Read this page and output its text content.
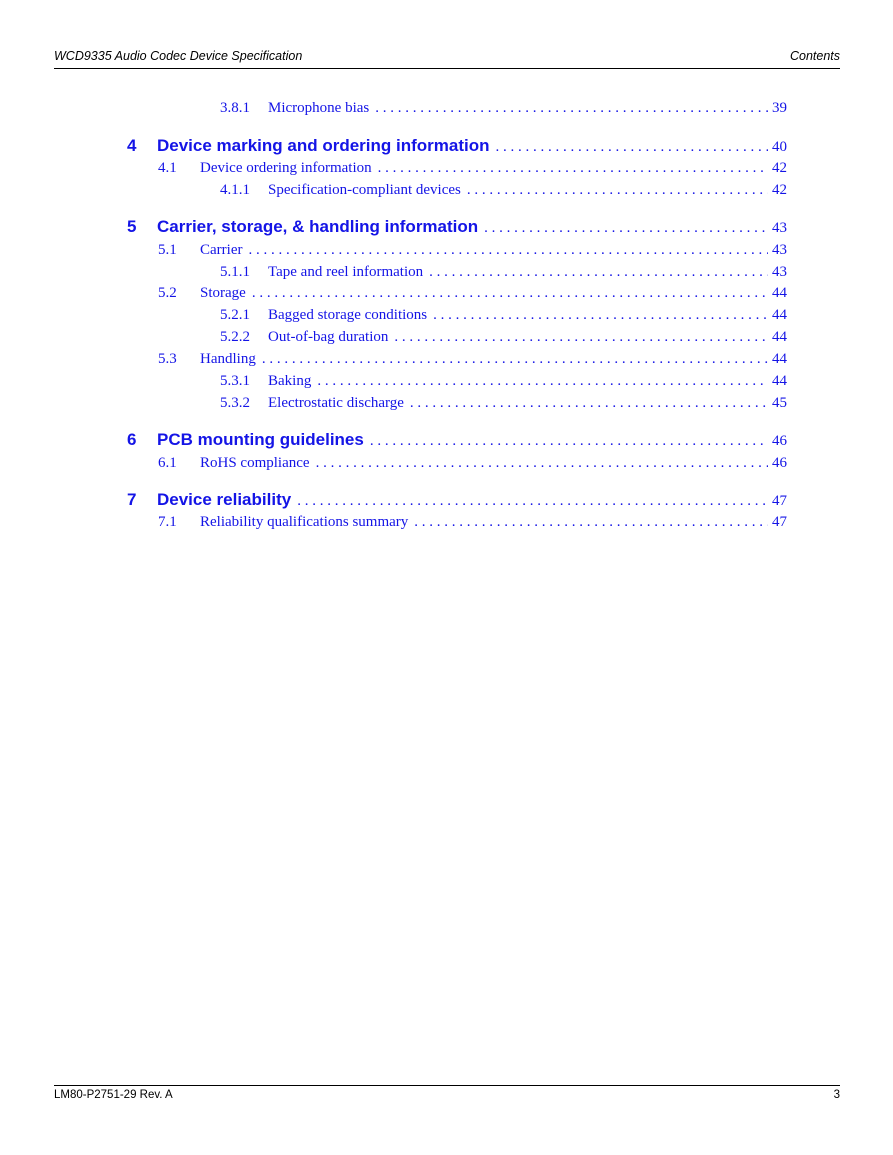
WCD9335 Audio Codec Device Specification	Contents
3.8.1 Microphone bias . . .	39
4 Device marking and ordering information . . .	40
4.1 Device ordering information . . .	42
4.1.1 Specification-compliant devices . . .	42
5 Carrier, storage, & handling information . . .	43
5.1 Carrier . . .	43
5.1.1 Tape and reel information . . .	43
5.2 Storage . . .	44
5.2.1 Bagged storage conditions . . .	44
5.2.2 Out-of-bag duration . . .	44
5.3 Handling . . .	44
5.3.1 Baking . . .	44
5.3.2 Electrostatic discharge . . .	45
6 PCB mounting guidelines . . .	46
6.1 RoHS compliance . . .	46
7 Device reliability . . .	47
7.1 Reliability qualifications summary . . .	47
LM80-P2751-29 Rev. A	3
